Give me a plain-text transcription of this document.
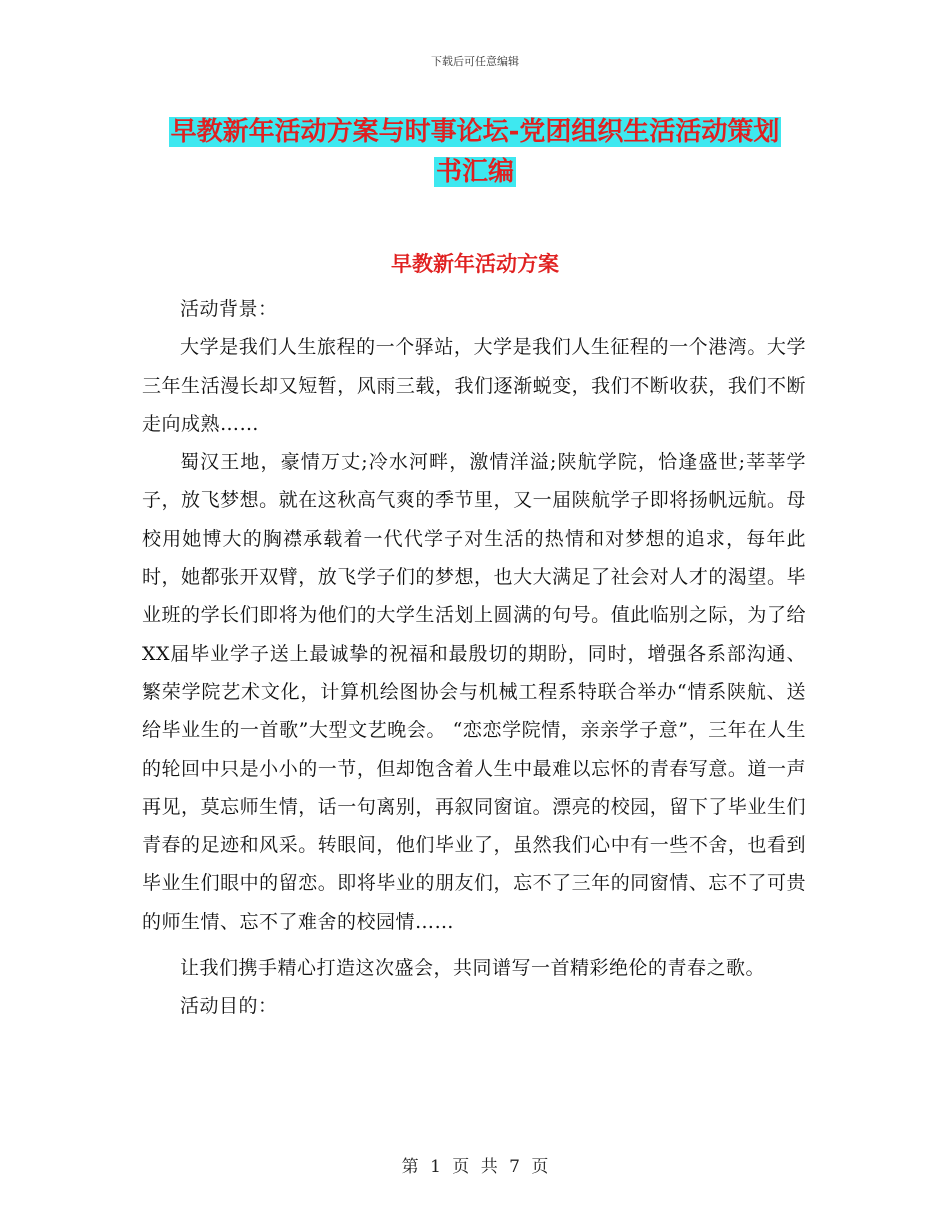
下载后可任意编辑
早教新年活动方案与时事论坛-党团组织生活活动策划
书汇编
早教新年活动方案

活动背景：

大学是我们人生旅程的一个驿站，大学是我们人生征程的一个港湾。大学三年生活漫长却又短暂，风雨三载，我们逐渐蜕变，我们不断收获，我们不断走向成熟……

蜀汉王地，豪情万丈;冷水河畔，激情洋溢;陕航学院，恰逢盛世;莘莘学子，放飞梦想。就在这秋高气爽的季节里，又一届陕航学子即将扬帆远航。母校用她博大的胸襟承载着一代代学子对生活的热情和对梦想的追求，每年此时，她都张开双臂，放飞学子们的梦想，也大大满足了社会对人才的渴望。毕业班的学长们即将为他们的大学生活划上圆满的句号。值此临别之际，为了给XX届毕业学子送上最诚挚的祝福和最殷切的期盼，同时，增强各系部沟通、繁荣学院艺术文化，计算机绘图协会与机械工程系特联合举办“情系陕航、送给毕业生的一首歌”大型文艺晚会。 “恋恋学院情，亲亲学子意”，三年在人生的轮回中只是小小的一节，但却饱含着人生中最难以忘怀的青春写意。道一声再见，莫忘师生情，话一句离别，再叙同窗谊。漂亮的校园，留下了毕业生们青春的足迹和风采。转眼间，他们毕业了，虽然我们心中有一些不舍，也看到毕业生们眼中的留恋。即将毕业的朋友们，忘不了三年的同窗情、忘不了可贵的师生情、忘不了难舍的校园情……

让我们携手精心打造这次盛会，共同谱写一首精彩绝伦的青春之歌。

活动目的：

第 1 页 共 7 页
